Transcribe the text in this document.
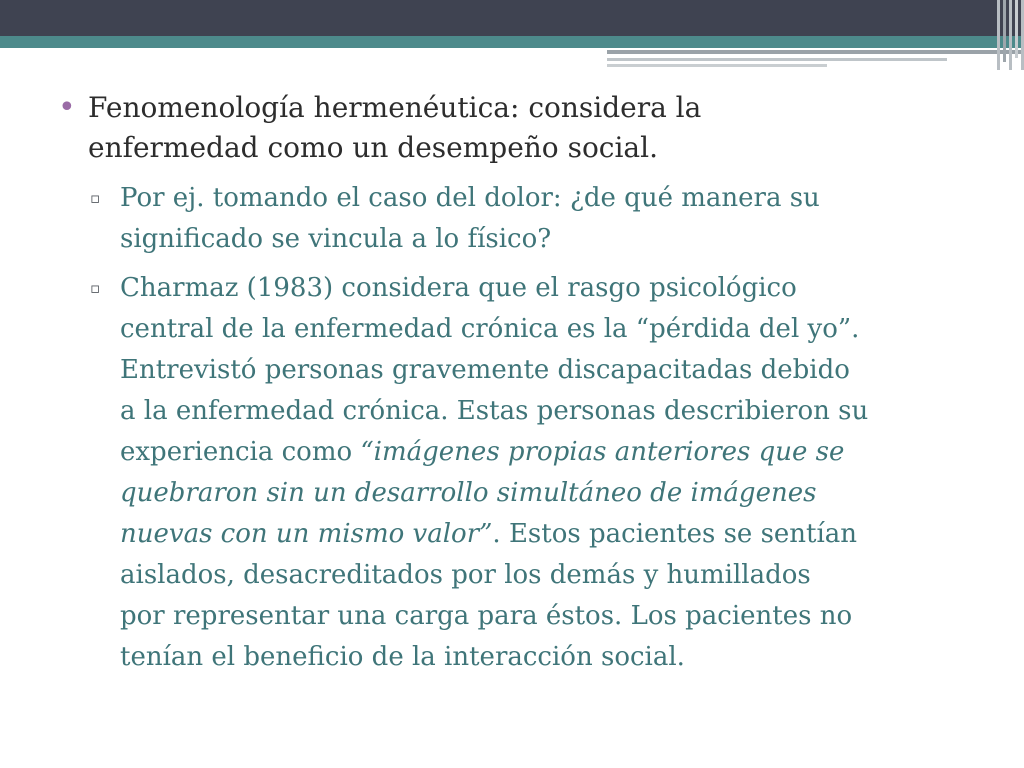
• Fenomenología hermenéutica: considera la
enfermedad como un desempeño social.
▫ Por ej. tomando el caso del dolor: ¿de qué manera su
significado se vincula a lo físico?
▫ Charmaz (1983) considera que el rasgo psicológico
central de la enfermedad crónica es la “pérdida del yo”.
Entrevistó personas gravemente discapacitadas debido
a la enfermedad crónica. Estas personas describieron su
experiencia como “imágenes propias anteriores que se
quebraron sin un desarrollo simultáneo de imágenes
nuevas con un mismo valor”. Estos pacientes se sentían
aislados, desacreditados por los demás y humillados
por representar una carga para éstos. Los pacientes no
tenían el beneficio de la interacción social.
